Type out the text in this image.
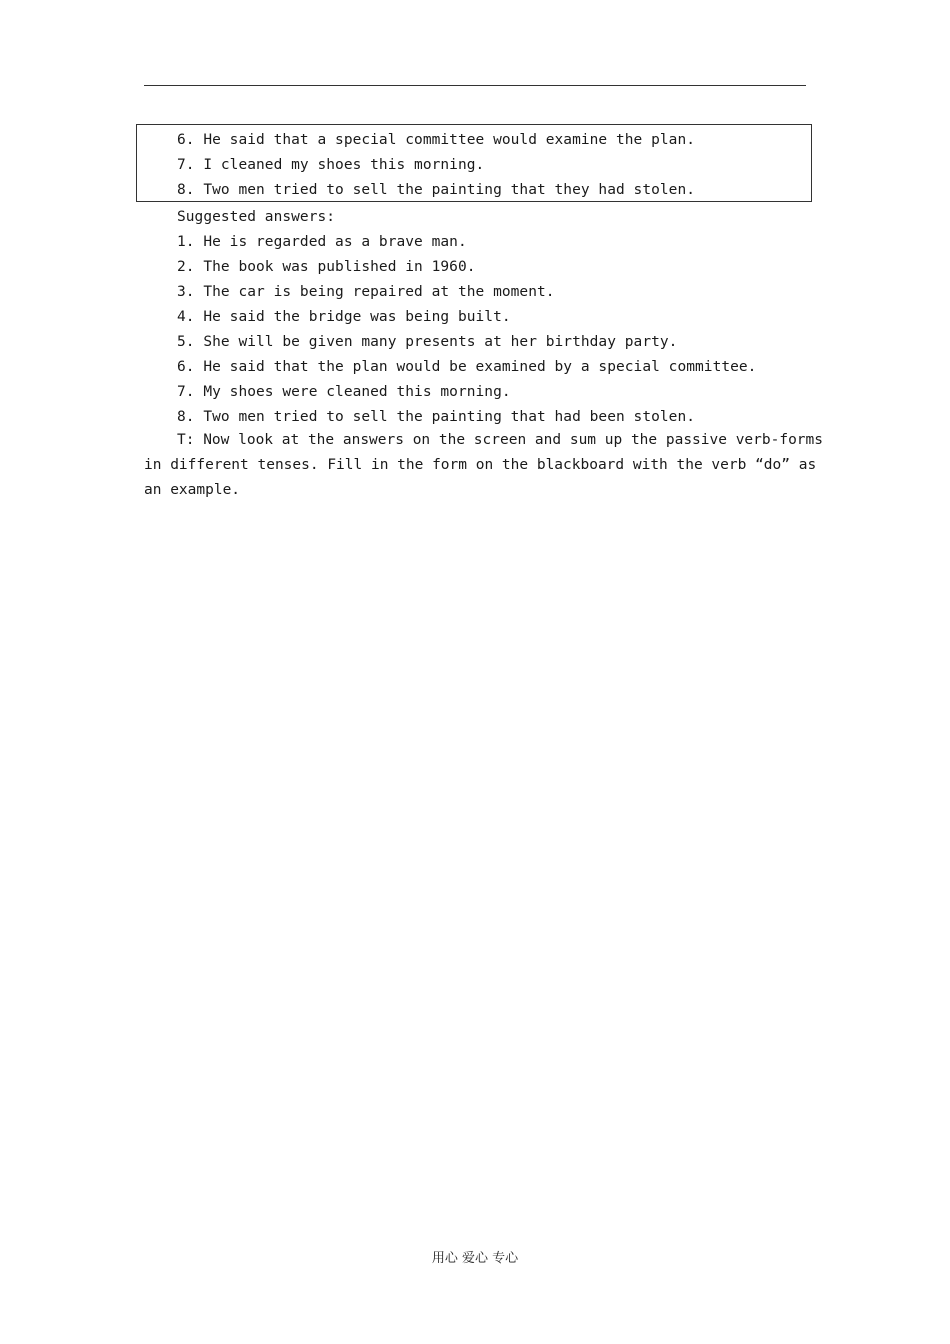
6. He said that a special committee would examine the plan.
7. I cleaned my shoes this morning.
8. Two men tried to sell the painting that they had stolen.
Suggested answers:
1. He is regarded as a brave man.
2. The book was published in 1960.
3. The car is being repaired at the moment.
4. He said the bridge was being built.
5. She will be given many presents at her birthday party.
6. He said that the plan would be examined by a special committee.
7. My shoes were cleaned this morning.
8. Two men tried to sell the painting that had been stolen.
T: Now look at the answers on the screen and sum up the passive verb-forms
in different tenses. Fill in the form on the blackboard with the verb “do” as
an example.
用心 爱心 专心
